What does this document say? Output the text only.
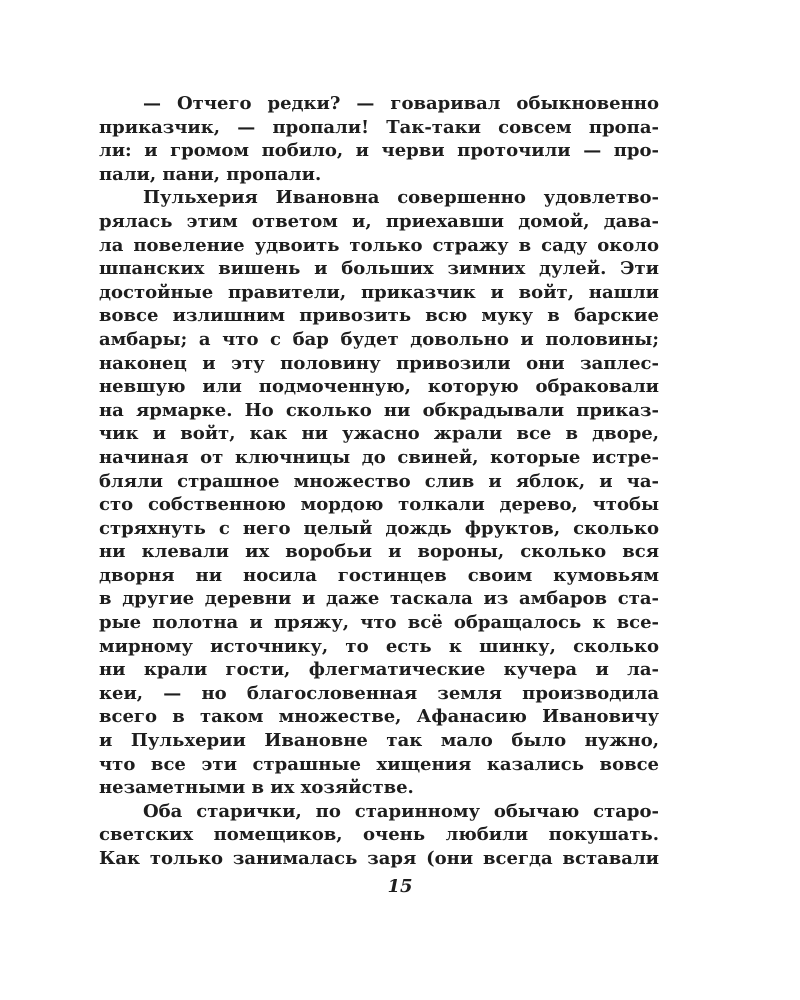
— Отчего редки? — говаривал обыкновенно
приказчик, — пропали! Так-таки совсем пропа-
ли: и громом побило, и черви проточили — про-
пали, пани, пропали.
Пульхерия Ивановна совершенно удовлетво-
рялась этим ответом и, приехавши домой, дава-
ла повеление удвоить только стражу в саду около
шпанских вишень и больших зимних дулей. Эти
достойные правители, приказчик и войт, нашли
вовсе излишним привозить всю муку в барские
амбары; а что с бар будет довольно и половины;
наконец и эту половину привозили они заплес-
невшую или подмоченную, которую обраковали
на ярмарке. Но сколько ни обкрадывали приказ-
чик и войт, как ни ужасно жрали все в дворе,
начиная от ключницы до свиней, которые истре-
бляли страшное множество слив и яблок, и ча-
сто собственною мордою толкали дерево, чтобы
стряхнуть с него целый дождь фруктов, сколько
ни клевали их воробьи и вороны, сколько вся
дворня ни носила гостинцев своим кумовьям
в другие деревни и даже таскала из амбаров ста-
рые полотна и пряжу, что всё обращалось к все-
мирному источнику, то есть к шинку, сколько
ни крали гости, флегматические кучера и ла-
кеи, — но благословенная земля производила
всего в таком множестве, Афанасию Ивановичу
и Пульхерии Ивановне так мало было нужно,
что все эти страшные хищения казались вовсе
незаметными в их хозяйстве.
Оба старички, по старинному обычаю старо-
светских помещиков, очень любили покушать.
Как только занималась заря (они всегда вставали
15
